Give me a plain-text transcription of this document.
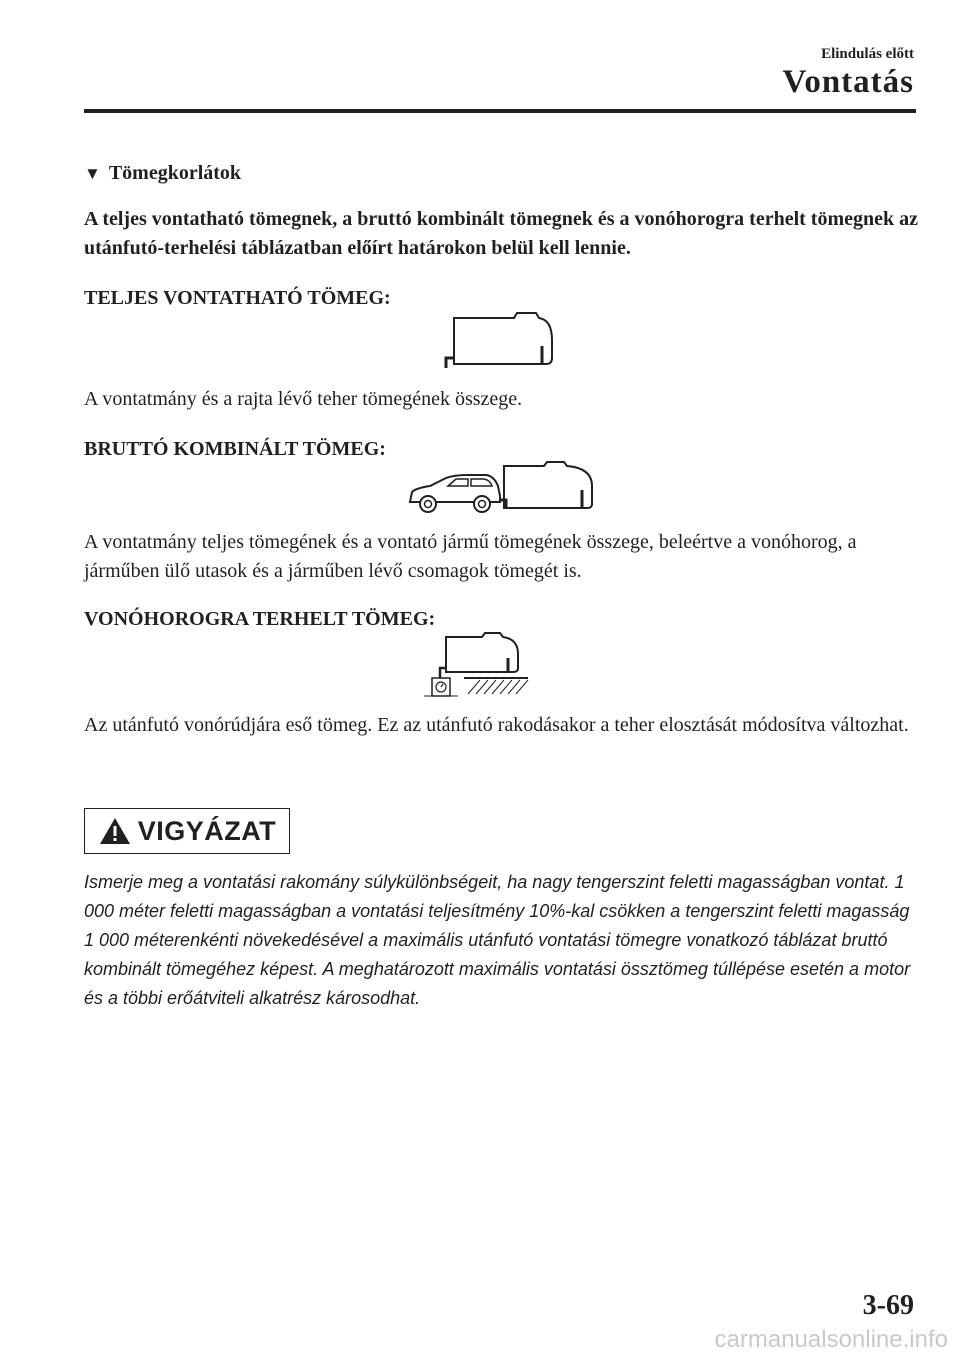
Elindulás előtt
Vontatás
▼ Tömegkorlátok
A teljes vontatható tömegnek, a bruttó kombinált tömegnek és a vonóhorogra terhelt tömegnek az utánfutó-terhelési táblázatban előírt határokon belül kell lennie.
TELJES VONTATHATÓ TÖMEG:
A vontatmány és a rajta lévő teher tömegének összege.
BRUTTÓ KOMBINÁLT TÖMEG:
A vontatmány teljes tömegének és a vontató jármű tömegének összege, beleértve a vonóhorog, a járműben ülő utasok és a járműben lévő csomagok tömegét is.
VONÓHOROGRA TERHELT TÖMEG:
Az utánfutó vonórúdjára eső tömeg. Ez az utánfutó rakodásakor a teher elosztását módosítva változhat.
VIGYÁZAT
Ismerje meg a vontatási rakomány súlykülönbségeit, ha nagy tengerszint feletti magasságban vontat. 1 000 méter feletti magasságban a vontatási teljesítmény 10%-kal csökken a tengerszint feletti magasság 1 000 méterenkénti növekedésével a maximális utánfutó vontatási tömegre vonatkozó táblázat bruttó kombinált tömegéhez képest. A meghatározott maximális vontatási össztömeg túllépése esetén a motor és a többi erőátviteli alkatrész károsodhat.
3-69
carmanualsonline.info
